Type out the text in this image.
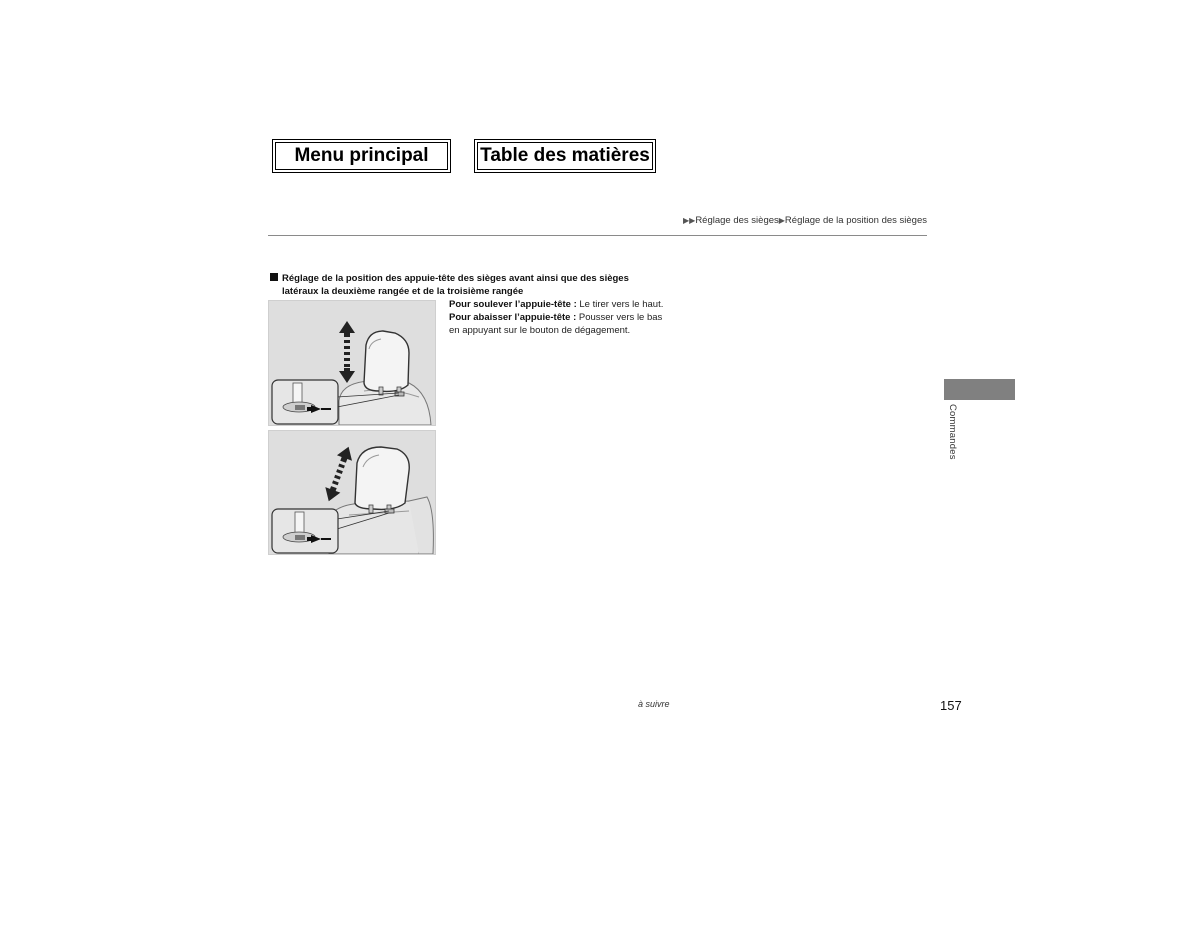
Menu principal	Table des matières
▶▶Réglage des sièges▶Réglage de la position des sièges
Réglage de la position des appuie-tête des sièges avant ainsi que des sièges
latéraux la deuxième rangée et de la troisième rangée
Pour soulever l’appuie-tête : Le tirer vers le haut.
Pour abaisser l’appuie-tête : Pousser vers le bas
en appuyant sur le bouton de dégagement.
Commandes
à suivre	157
